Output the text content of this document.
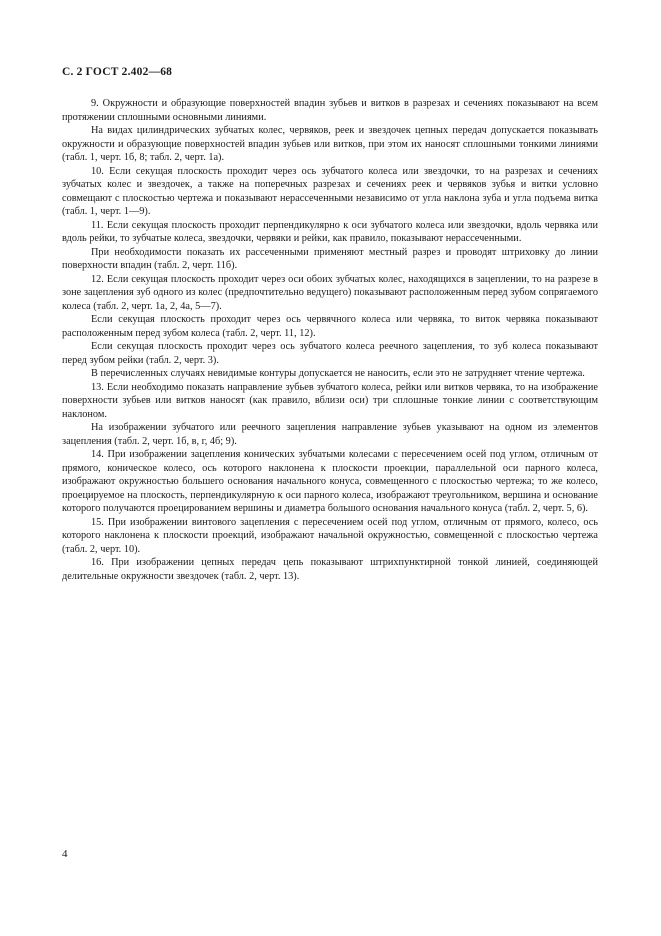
С. 2 ГОСТ 2.402—68

9. Окружности и образующие поверхностей впадин зубьев и витков в разрезах и сечениях показывают на всем протяжении сплошными основными линиями.

На видах цилиндрических зубчатых колес, червяков, реек и звездочек цепных передач допускается показывать окружности и образующие поверхностей впадин зубьев или витков, при этом их наносят сплошными тонкими линиями (табл. 1, черт. 1б, 8; табл. 2, черт. 1а).

10. Если секущая плоскость проходит через ось зубчатого колеса или звездочки, то на разрезах и сечениях зубчатых колес и звездочек, а также на поперечных разрезах и сечениях реек и червяков зубья и витки условно совмещают с плоскостью чертежа и показывают нерассеченными независимо от угла наклона зуба и угла подъема витка (табл. 1, черт. 1—9).

11. Если секущая плоскость проходит перпендикулярно к оси зубчатого колеса или звездочки, вдоль червяка или вдоль рейки, то зубчатые колеса, звездочки, червяки и рейки, как правило, показывают нерассеченными.

При необходимости показать их рассеченными применяют местный разрез и проводят штриховку до линии поверхности впадин (табл. 2, черт. 11б).

12. Если секущая плоскость проходит через оси обоих зубчатых колес, находящихся в зацеплении, то на разрезе в зоне зацепления зуб одного из колес (предпочтительно ведущего) показывают расположенным перед зубом сопрягаемого колеса (табл. 2, черт. 1а, 2, 4а, 5—7).

Если секущая плоскость проходит через ось червячного колеса или червяка, то виток червяка показывают расположенным перед зубом колеса (табл. 2, черт. 11, 12).

Если секущая плоскость проходит через ось зубчатого колеса реечного зацепления, то зуб колеса показывают перед зубом рейки (табл. 2, черт. 3).

В перечисленных случаях невидимые контуры допускается не наносить, если это не затрудняет чтение чертежа.

13. Если необходимо показать направление зубьев зубчатого колеса, рейки или витков червяка, то на изображение поверхности зубьев или витков наносят (как правило, вблизи оси) три сплошные тонкие линии с соответствующим наклоном.

На изображении зубчатого или реечного зацепления направление зубьев указывают на одном из элементов зацепления (табл. 2, черт. 1б, в, г, 4б; 9).

14. При изображении зацепления конических зубчатыми колесами с пересечением осей под углом, отличным от прямого, коническое колесо, ось которого наклонена к плоскости проекции, параллельной оси парного колеса, изображают окружностью большего основания начального конуса, совмещенного с плоскостью чертежа; то же колесо, проецируемое на плоскость, перпендикулярную к оси парного колеса, изображают треугольником, вершина и основание которого получаются проецированием вершины и диаметра большого основания начального конуса (табл. 2, черт. 5, 6).

15. При изображении винтового зацепления с пересечением осей под углом, отличным от прямого, колесо, ось которого наклонена к плоскости проекций, изображают начальной окружностью, совмещенной с плоскостью чертежа (табл. 2, черт. 10).

16. При изображении цепных передач цепь показывают штрихпунктирной тонкой линией, соединяющей делительные окружности звездочек (табл. 2, черт. 13).

4
